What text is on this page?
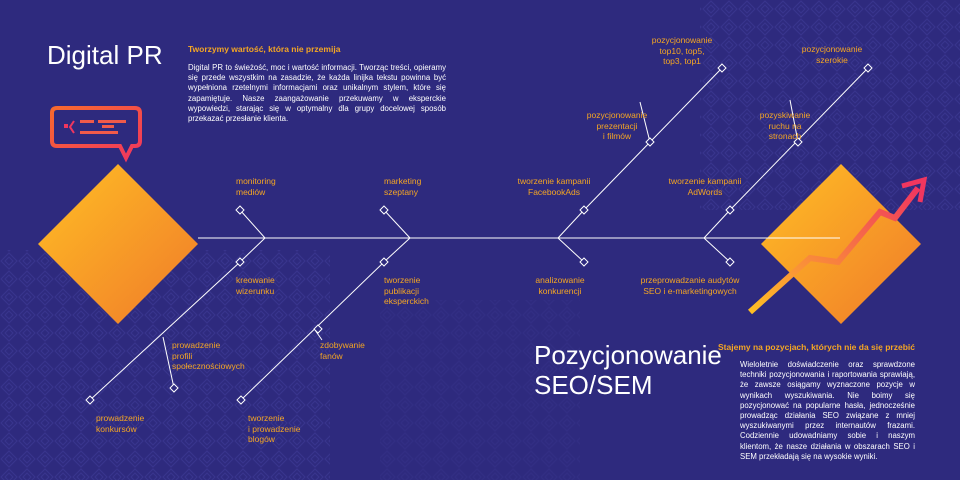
Digital PR	Tworzymy wartość, która nie przemija

Digital PR to świeżość, moc i wartość informacji. Tworząc treści, opieramy się przede wszystkim na zasadzie, że każda linijka tekstu powinna być wypełniona rzetelnymi informacjami oraz unikalnym stylem, które się zapamiętuje. Nasze zaangażowanie przekuwamy w eksperckie wypowiedzi, starając się w optymalny dla grupy docelowej sposób przekazać przesłanie klienta.

Pozycjonowanie

SEO/SEM

Stajemy na pozycjach, których nie da się przebić

Wieloletnie doświadczenie oraz sprawdzone techniki pozycjonowania i raportowania sprawiają, że zawsze osiągamy wyznaczone pozycje w wynikach wyszukiwania. Nie boimy się pozycjonować na popularne hasła, jednocześnie prowadząc działania SEO związane z mniej wyszukiwanymi przez internautów frazami. Codziennie udowadniamy sobie i naszym klientom, że nasze działania w obszarach SEO i SEM przekładają się na wysokie wyniki.

monitoring
mediów

marketing
szeptany

tworzenie kampanii
FacebookAds

tworzenie kampanii
AdWords

kreowanie
wizerunku

tworzenie
publikacji
eksperckich

analizowanie
konkurencji

przeprowadzanie audytów
SEO i e-marketingowych

prowadzenie
profili
społecznościowych

zdobywanie
fanów

prowadzenie
konkursów

tworzenie
i prowadzenie
blogów

pozycjonowanie
prezentacji
i filmów

pozycjonowanie
top10, top5,
top3, top1

pozycjonowanie
szerokie

pozyskiwanie
ruchu na
stronach
